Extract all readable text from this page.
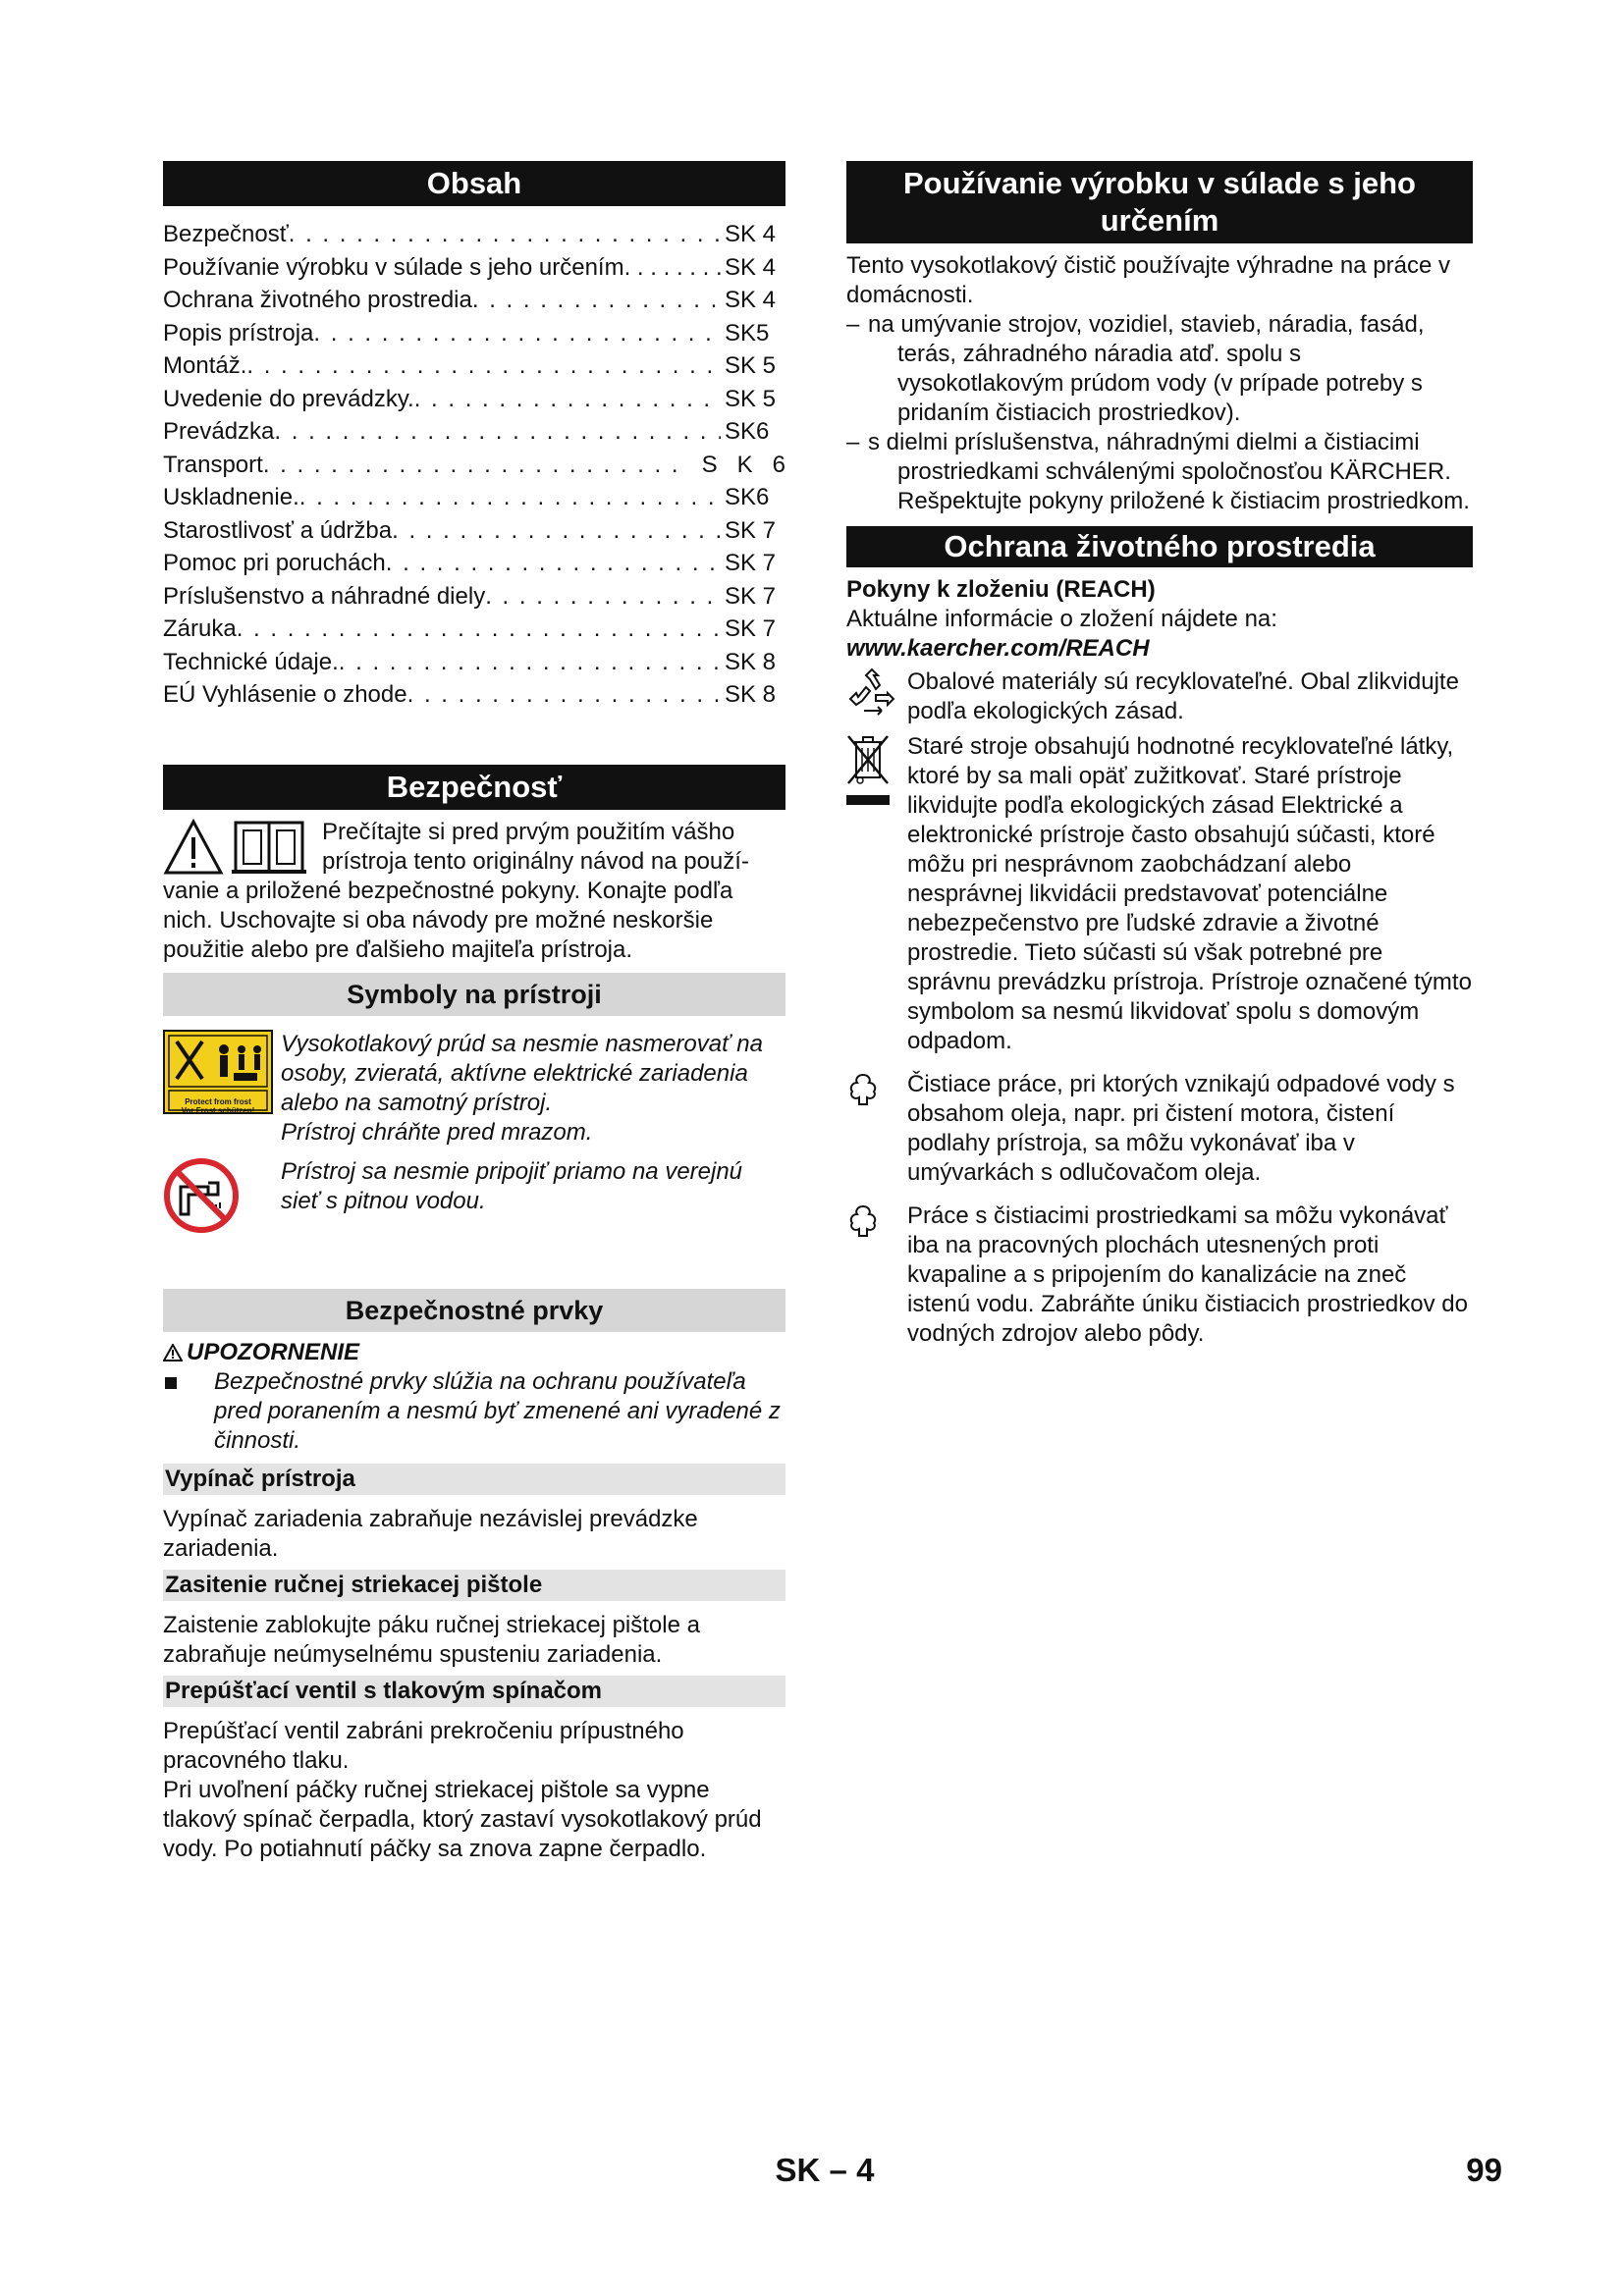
Obsah
Bezpečnosť . . .	SK 4
Používanie výrobku v súlade s jeho určením . . .	SK 4
Ochrana životného prostredia . . .	SK 4
Popis prístroja . . .	SK5
Montáž. . . .	SK 5
Uvedenie do prevádzky. . . .	SK 5
Prevádzka . . .	SK6
Transport . . .	S   K   6
Uskladnenie. . . .	SK6
Starostlivosť a údržba . . .	SK 7
Pomoc pri poruchách . . .	SK 7
Príslušenstvo a náhradné diely . . .	SK 7
Záruka . . .	SK 7
Technické údaje. . . .	SK 8
EÚ Vyhlásenie o zhode . . .	SK 8
Bezpečnosť

Prečítajte si pred prvým použitím vášho prístroja tento originálny návod na použí-

vanie a priložené bezpečnostné pokyny. Konajte podľa nich. Uschovajte si oba návody pre možné neskoršie použitie alebo pre ďalšieho majiteľa prístroja.

Symboly na prístroji
Protect from frost
Vor Frost schützen!

Vysokotlakový prúd sa nesmie nasmerovať na osoby, zvieratá, aktívne elektrické zariadenia alebo na samotný prístroj.

Prístroj chráňte pred mrazom.

Prístroj sa nesmie pripojiť priamo na verejnú sieť s pitnou vodou.
Bezpečnostné prvky
UPOZORNENIE

Bezpečnostné prvky slúžia na ochranu používateľa pred poranením a nesmú byť zmenené ani vyradené z činnosti.

Vypínač prístroja

Vypínač zariadenia zabraňuje nezávislej prevádzke zariadenia.

Zasitenie ručnej striekacej pištole

Zaistenie zablokujte páku ručnej striekacej pištole a zabraňuje neúmyselnému spusteniu zariadenia.

Prepúšťací ventil s tlakovým spínačom

Prepúšťací ventil zabráni prekročeniu prípustného pracovného tlaku.

Pri uvoľnení páčky ručnej striekacej pištole sa vypne tlakový spínač čerpadla, ktorý zastaví vysokotlakový prúd vody. Po potiahnutí páčky sa znova zapne čerpadlo.

Používanie výrobku v súlade s jeho určením

Tento vysokotlakový čistič používajte výhradne na práce v domácnosti.

– na umývanie strojov, vozidiel, stavieb, náradia, fasád, terás, záhradného náradia atď. spolu s vysokotlakovým prúdom vody (v prípade potreby s pridaním čistiacich prostriedkov).
– s dielmi príslušenstva, náhradnými dielmi a čistiacimi prostriedkami schválenými spoločnosťou KÄRCHER. Rešpektujte pokyny priložené k čistiacim prostriedkom.
Ochrana životného prostredia

Pokyny k zloženiu (REACH)

Aktuálne informácie o zložení nájdete na:

www.kaercher.com/REACH

Obalové materiály sú recyklovateľné. Obal zlikvidujte podľa ekologických zásad.

Staré stroje obsahujú hodnotné recyklovateľné látky, ktoré by sa mali opäť zužitkovať. Staré prístroje likvidujte podľa ekologických zásad Elektrické a elektronické prístroje často obsahujú súčasti, ktoré môžu pri nesprávnom zaobchádzaní alebo nesprávnej likvidácii predstavovať potenciálne nebezpečenstvo pre ľudské zdravie a životné prostredie. Tieto súčasti sú však potrebné pre správnu prevádzku prístroja. Prístroje označené týmto symbolom sa nesmú likvidovať spolu s domovým odpadom.

Čistiace práce, pri ktorých vznikajú odpadové vody s obsahom oleja, napr. pri čistení motora, čistení podlahy prístroja, sa môžu vykonávať iba v umývarkách s odlučovačom oleja.

Práce s čistiacimi prostriedkami sa môžu vykonávať iba na pracovných plochách utesnených proti kvapaline a s pripojením do kanalizácie na zneč istenú vodu. Zabráňte úniku čistiacich prostriedkov do vodných zdrojov alebo pôdy.

SK – 4	99
